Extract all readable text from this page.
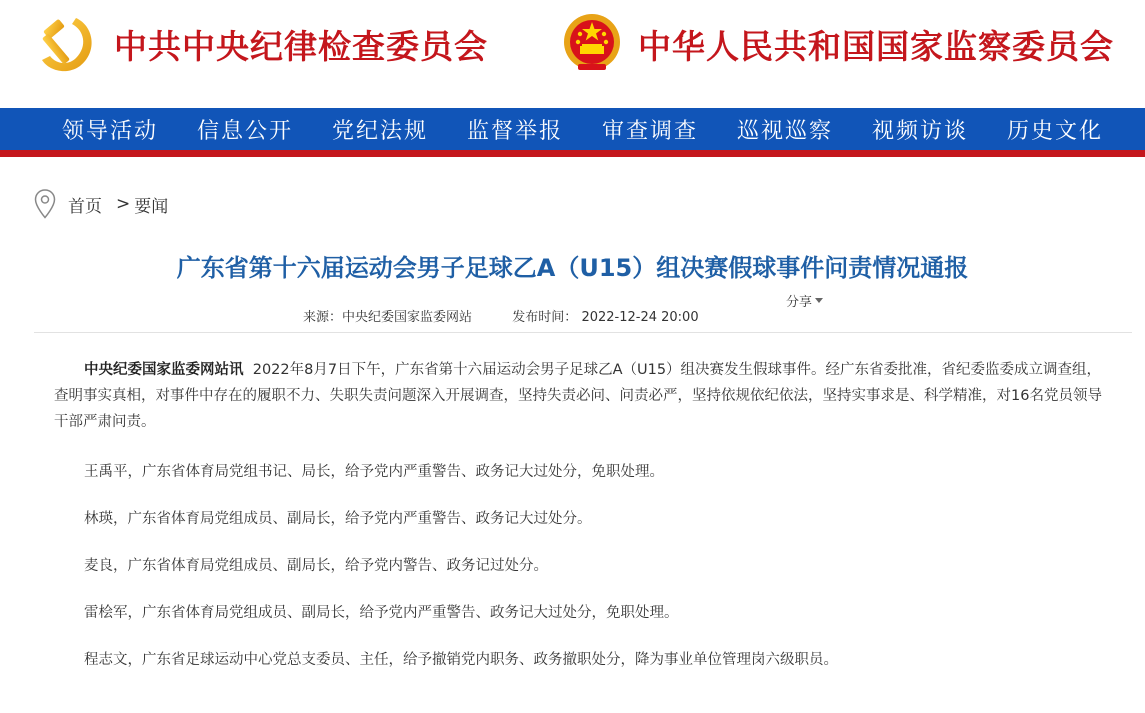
中共中央纪律检查委员会	中华人民共和国国家监察委员会
领导活动 信息公开 党纪法规 监督举报 审查调查 巡视巡察 视频访谈 历史文化
首页 > 要闻
广东省第十六届运动会男子足球乙A（U15）组决赛假球事件问责情况通报
分享
来源：中央纪委国家监委网站	发布时间： 2022-12-24 20:00

中央纪委国家监委网站讯 2022年8月7日下午，广东省第十六届运动会男子足球乙A（U15）组决赛发生假球事件。经广东省委批准，省纪委监委成立调查组，查明事实真相，对事件中存在的履职不力、失职失责问题深入开展调查，坚持失责必问、问责必严，坚持依规依纪依法，坚持实事求是、科学精准，对16名党员领导干部严肃问责。

王禹平，广东省体育局党组书记、局长，给予党内严重警告、政务记大过处分，免职处理。

林瑛，广东省体育局党组成员、副局长，给予党内严重警告、政务记大过处分。

麦良，广东省体育局党组成员、副局长，给予党内警告、政务记过处分。

雷桧军，广东省体育局党组成员、副局长，给予党内严重警告、政务记大过处分，免职处理。

程志文，广东省足球运动中心党总支委员、主任，给予撤销党内职务、政务撤职处分，降为事业单位管理岗六级职员。
